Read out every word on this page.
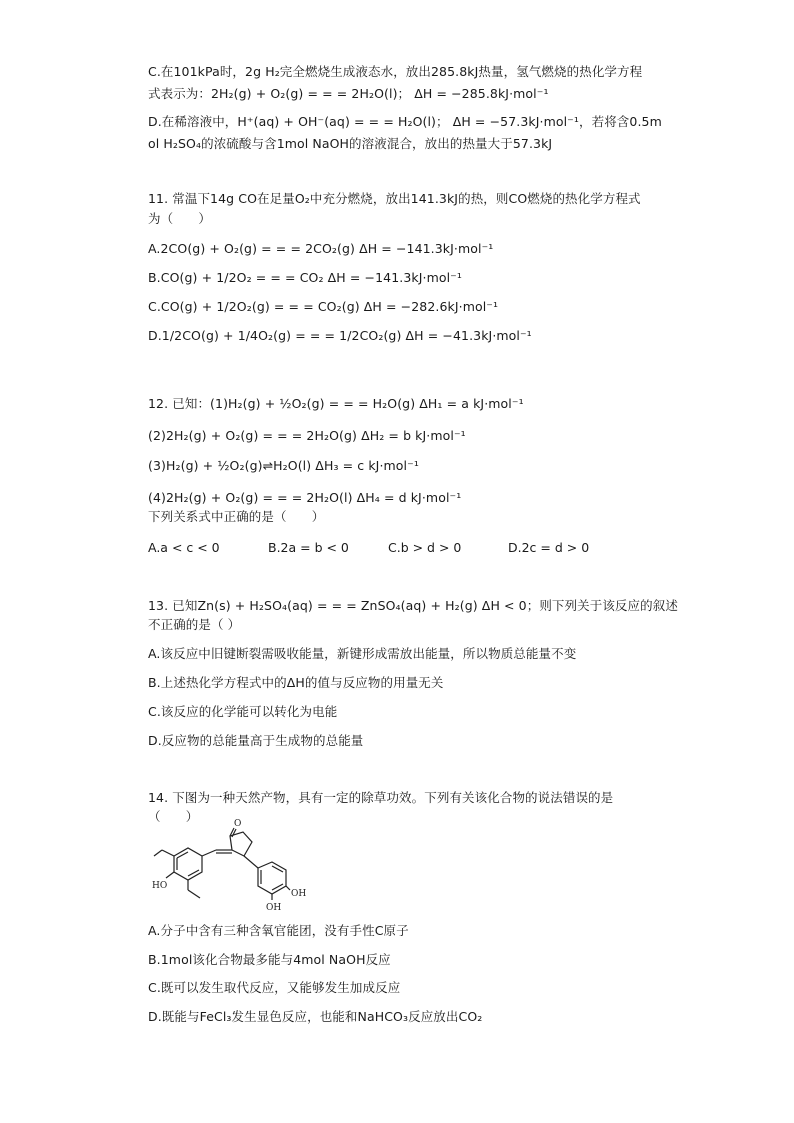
C.在101kPa时，2g H₂完全燃烧生成液态水，放出285.8kJ热量，氢气燃烧的热化学方程
式表示为：2H₂(g) + O₂(g) = = = 2H₂O(l)； ΔH = −285.8kJ·mol⁻¹
D.在稀溶液中，H⁺(aq) + OH⁻(aq) = = = H₂O(l)； ΔH = −57.3kJ·mol⁻¹，若将含0.5m
ol H₂SO₄的浓硫酸与含1mol NaOH的溶液混合，放出的热量大于57.3kJ
11. 常温下14g CO在足量O₂中充分燃烧，放出141.3kJ的热，则CO燃烧的热化学方程式
为（　　）
A.2CO(g) + O₂(g) = = = 2CO₂(g) ΔH = −141.3kJ·mol⁻¹
B.CO(g) + 1/2O₂ = = = CO₂ ΔH = −141.3kJ·mol⁻¹
C.CO(g) + 1/2O₂(g) = = = CO₂(g) ΔH = −282.6kJ·mol⁻¹
D.1/2CO(g) + 1/4O₂(g) = = = 1/2CO₂(g) ΔH = −41.3kJ·mol⁻¹
12. 已知：(1)H₂(g) + ½O₂(g) = = = H₂O(g) ΔH₁ = a kJ·mol⁻¹
(2)2H₂(g) + O₂(g) = = = 2H₂O(g) ΔH₂ = b kJ·mol⁻¹
(3)H₂(g) + ½O₂(g)⇌H₂O(l) ΔH₃ = c kJ·mol⁻¹
(4)2H₂(g) + O₂(g) = = = 2H₂O(l) ΔH₄ = d kJ·mol⁻¹
下列关系式中正确的是（　　）
A.a < c < 0	B.2a = b < 0	C.b > d > 0	D.2c = d > 0
13. 已知Zn(s) + H₂SO₄(aq) = = = ZnSO₄(aq) + H₂(g) ΔH < 0；则下列关于该反应的叙述
不正确的是（ ）
A.该反应中旧键断裂需吸收能量，新键形成需放出能量，所以物质总能量不变
B.上述热化学方程式中的ΔH的值与反应物的用量无关
C.该反应的化学能可以转化为电能
D.反应物的总能量高于生成物的总能量
14. 下图为一种天然产物，具有一定的除草功效。下列有关该化合物的说法错误的是
（　　）	O
HO
OH
OH
A.分子中含有三种含氧官能团，没有手性C原子
B.1mol该化合物最多能与4mol NaOH反应
C.既可以发生取代反应，又能够发生加成反应
D.既能与FeCl₃发生显色反应，也能和NaHCO₃反应放出CO₂
